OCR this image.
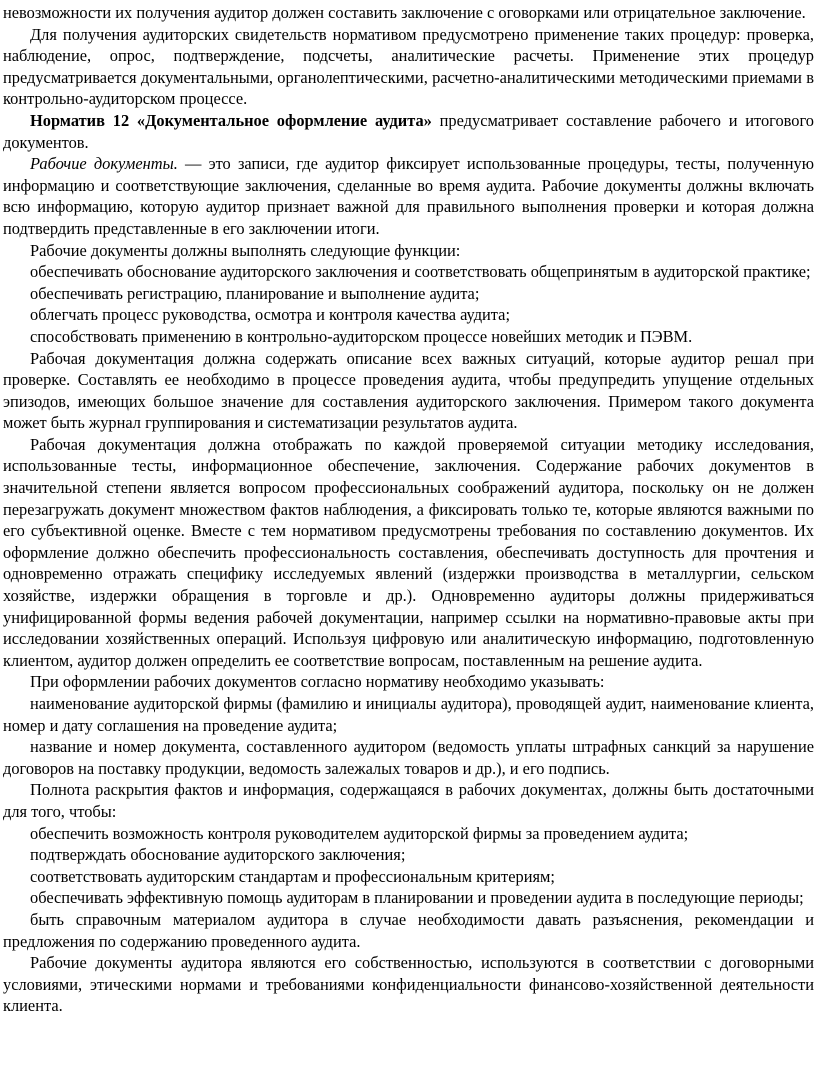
невозможности их получения аудитор должен составить заключение с оговорками или отрицательное заключение.

Для получения аудиторских свидетельств нормативом предусмотрено применение таких процедур: проверка, наблюдение, опрос, подтверждение, подсчеты, аналитические расчеты. Применение этих процедур предусматривается документальными, органолептическими, расчетно-аналитическими методическими приемами в контрольно-аудиторском процессе.

Норматив 12 «Документальное оформление аудита» предусматривает составление рабочего и итогового документов.

Рабочие документы. — это записи, где аудитор фиксирует использованные процедуры, тесты, полученную информацию и соответствующие заключения, сделанные во время аудита. Рабочие документы должны включать всю информацию, которую аудитор признает важной для правильного выполнения проверки и которая должна подтвердить представленные в его заключении итоги.

Рабочие документы должны выполнять следующие функции:

обеспечивать обоснование аудиторского заключения и соответствовать общепринятым в аудиторской практике;

обеспечивать регистрацию, планирование и выполнение аудита;

облегчать процесс руководства, осмотра и контроля качества аудита;

способствовать применению в контрольно-аудиторском процессе новейших методик и ПЭВМ.

Рабочая документация должна содержать описание всех важных ситуаций, которые аудитор решал при проверке. Составлять ее необходимо в процессе проведения аудита, чтобы предупредить упущение отдельных эпизодов, имеющих большое значение для составления аудиторского заключения. Примером такого документа может быть журнал группирования и систематизации результатов аудита.

Рабочая документация должна отображать по каждой проверяемой ситуации методику исследования, использованные тесты, информационное обеспечение, заключения. Содержание рабочих документов в значительной степени является вопросом профессиональных соображений аудитора, поскольку он не должен перезагружать документ множеством фактов наблюдения, а фиксировать только те, которые являются важными по его субъективной оценке. Вместе с тем нормативом предусмотрены требования по составлению документов. Их оформление должно обеспечить профессиональность составления, обеспечивать доступность для прочтения и одновременно отражать специфику исследуемых явлений (издержки производства в металлургии, сельском хозяйстве, издержки обращения в торговле и др.). Одновременно аудиторы должны придерживаться унифицированной формы ведения рабочей документации, например ссылки на нормативно-правовые акты при исследовании хозяйственных операций. Используя цифровую или аналитическую информацию, подготовленную клиентом, аудитор должен определить ее соответствие вопросам, поставленным на решение аудита.

При оформлении рабочих документов согласно нормативу необходимо указывать:

наименование аудиторской фирмы (фамилию и инициалы аудитора), проводящей аудит, наименование клиента, номер и дату соглашения на проведение аудита;

название и номер документа, составленного аудитором (ведомость уплаты штрафных санкций за нарушение договоров на поставку продукции, ведомость залежалых товаров и др.), и его подпись.

Полнота раскрытия фактов и информация, содержащаяся в рабочих документах, должны быть достаточными для того, чтобы:

обеспечить возможность контроля руководителем аудиторской фирмы за проведением аудита;

подтверждать обоснование аудиторского заключения;

соответствовать аудиторским стандартам и профессиональным критериям;

обеспечивать эффективную помощь аудиторам в планировании и проведении аудита в последующие периоды;

быть справочным материалом аудитора в случае необходимости давать разъяснения, рекомендации и предложения по содержанию проведенного аудита.

Рабочие документы аудитора являются его собственностью, используются в соответствии с договорными условиями, этическими нормами и требованиями конфиденциальности финансово-хозяйственной деятельности клиента.
